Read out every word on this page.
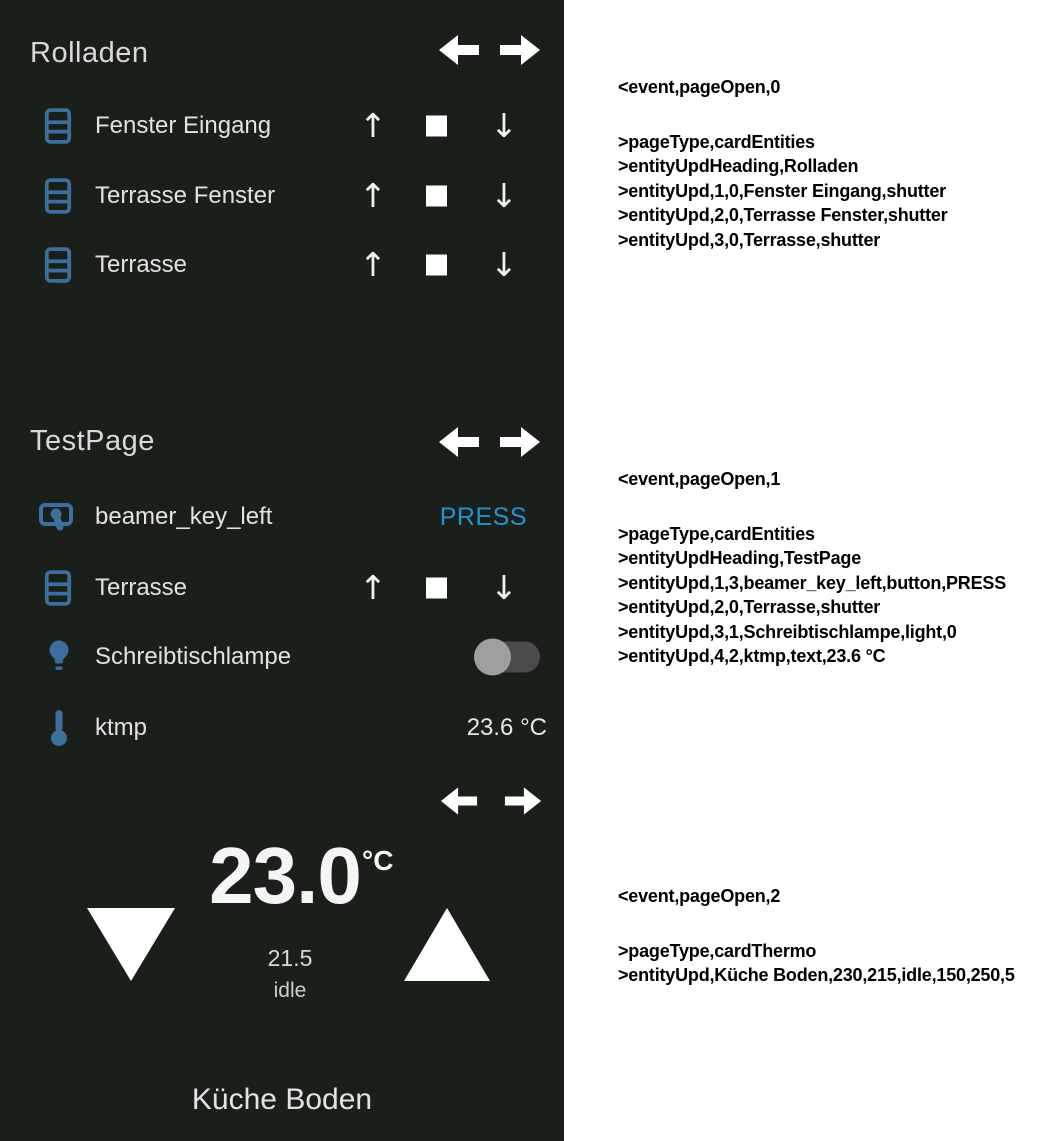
Rolladen
Fenster Eingang	↑	↓
Terrasse Fenster	↑	↓
Terrasse	↑	↓
TestPage
beamer_key_left	PRESS
Terrasse	↑	↓
Schreibtischlampe
ktmp	23.6 °C
23.0 °C
21.5
idle
Küche Boden

<event,pageOpen,0

>pageType,cardEntities

>entityUpdHeading,Rolladen

>entityUpd,1,0,Fenster Eingang,shutter

>entityUpd,2,0,Terrasse Fenster,shutter

>entityUpd,3,0,Terrasse,shutter

<event,pageOpen,1

>pageType,cardEntities

>entityUpdHeading,TestPage

>entityUpd,1,3,beamer_key_left,button,PRESS

>entityUpd,2,0,Terrasse,shutter

>entityUpd,3,1,Schreibtischlampe,light,0

>entityUpd,4,2,ktmp,text,23.6 °C

<event,pageOpen,2

>pageType,cardThermo

>entityUpd,Küche Boden,230,215,idle,150,250,5
